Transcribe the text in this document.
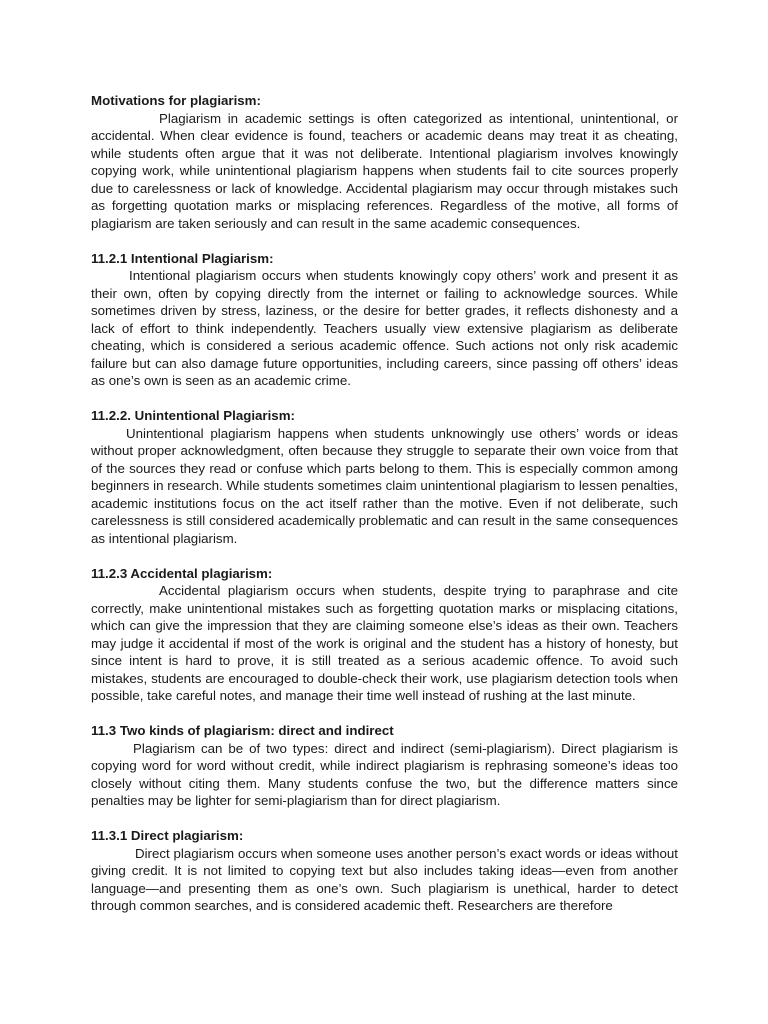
Motivations for plagiarism:

Plagiarism in academic settings is often categorized as intentional, unintentional, or accidental. When clear evidence is found, teachers or academic deans may treat it as cheating, while students often argue that it was not deliberate. Intentional plagiarism involves knowingly copying work, while unintentional plagiarism happens when students fail to cite sources properly due to carelessness or lack of knowledge. Accidental plagiarism may occur through mistakes such as forgetting quotation marks or misplacing references. Regardless of the motive, all forms of plagiarism are taken seriously and can result in the same academic consequences.

11.2.1 Intentional Plagiarism:

Intentional plagiarism occurs when students knowingly copy others’ work and present it as their own, often by copying directly from the internet or failing to acknowledge sources. While sometimes driven by stress, laziness, or the desire for better grades, it reflects dishonesty and a lack of effort to think independently. Teachers usually view extensive plagiarism as deliberate cheating, which is considered a serious academic offence. Such actions not only risk academic failure but can also damage future opportunities, including careers, since passing off others’ ideas as one’s own is seen as an academic crime.

11.2.2. Unintentional Plagiarism:

Unintentional plagiarism happens when students unknowingly use others’ words or ideas without proper acknowledgment, often because they struggle to separate their own voice from that of the sources they read or confuse which parts belong to them. This is especially common among beginners in research. While students sometimes claim unintentional plagiarism to lessen penalties, academic institutions focus on the act itself rather than the motive. Even if not deliberate, such carelessness is still considered academically problematic and can result in the same consequences as intentional plagiarism.

11.2.3 Accidental plagiarism:

Accidental plagiarism occurs when students, despite trying to paraphrase and cite correctly, make unintentional mistakes such as forgetting quotation marks or misplacing citations, which can give the impression that they are claiming someone else’s ideas as their own. Teachers may judge it accidental if most of the work is original and the student has a history of honesty, but since intent is hard to prove, it is still treated as a serious academic offence. To avoid such mistakes, students are encouraged to double-check their work, use plagiarism detection tools when possible, take careful notes, and manage their time well instead of rushing at the last minute.

11.3 Two kinds of plagiarism: direct and indirect

Plagiarism can be of two types: direct and indirect (semi-plagiarism). Direct plagiarism is copying word for word without credit, while indirect plagiarism is rephrasing someone’s ideas too closely without citing them. Many students confuse the two, but the difference matters since penalties may be lighter for semi-plagiarism than for direct plagiarism.

11.3.1 Direct plagiarism:

Direct plagiarism occurs when someone uses another person’s exact words or ideas without giving credit. It is not limited to copying text but also includes taking ideas—even from another language—and presenting them as one’s own. Such plagiarism is unethical, harder to detect through common searches, and is considered academic theft. Researchers are therefore
